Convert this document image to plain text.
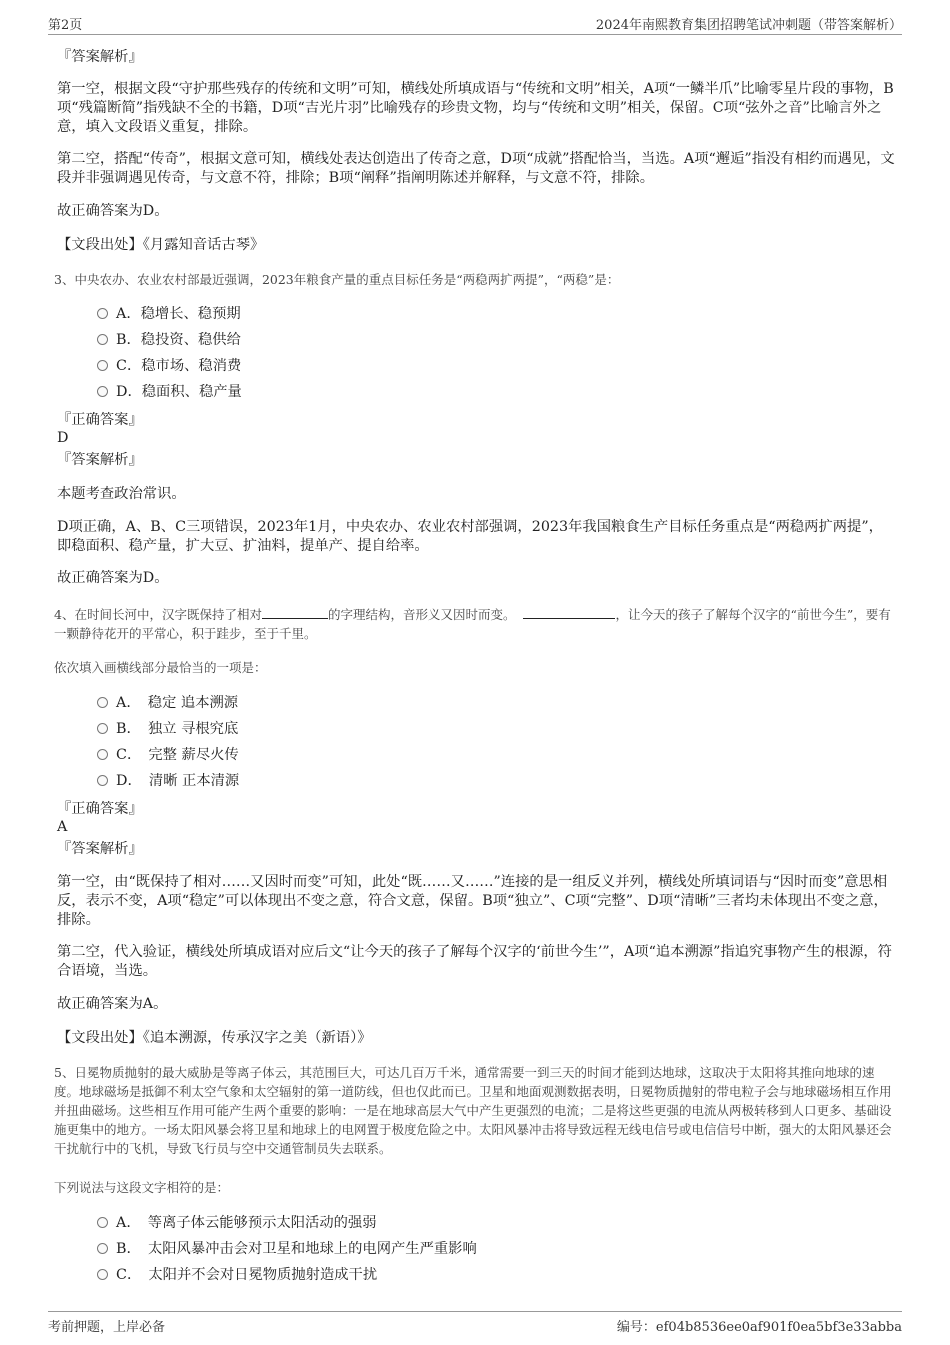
第2页	2024年南熙教育集团招聘笔试冲刺题（带答案解析）
『答案解析』
第一空，根据文段“守护那些残存的传统和文明”可知，横线处所填成语与“传统和文明”相关，A项“一鳞半爪”比喻零星片段的事物，B项“残篇断简”指残缺不全的书籍，D项“吉光片羽”比喻残存的珍贵文物，均与“传统和文明”相关，保留。C项“弦外之音”比喻言外之意，填入文段语义重复，排除。
第二空，搭配“传奇”，根据文意可知，横线处表达创造出了传奇之意，D项“成就”搭配恰当，当选。A项“邂逅”指没有相约而遇见，文段并非强调遇见传奇，与文意不符，排除；B项“阐释”指阐明陈述并解释，与文意不符，排除。
故正确答案为D。
【文段出处】《月露知音话古琴》
3、中央农办、农业农村部最近强调，2023年粮食产量的重点目标任务是“两稳两扩两提”，“两稳”是：
A．稳增长、稳预期
B．稳投资、稳供给
C．稳市场、稳消费
D．稳面积、稳产量
『正确答案』
D
『答案解析』
本题考查政治常识。
D项正确，A、B、C三项错误，2023年1月，中央农办、农业农村部强调，2023年我国粮食生产目标任务重点是“两稳两扩两提”，即稳面积、稳产量，扩大豆、扩油料，提单产、提自给率。
故正确答案为D。
4、在时间长河中，汉字既保持了相对	的字理结构，音形义又因时而变。	，让今天的孩子了解每个汉字的“前世今生”，要有一颗静待花开的平常心，积于跬步，至于千里。
依次填入画横线部分最恰当的一项是：
A．　稳定 追本溯源
B．　独立 寻根究底
C．　完整 薪尽火传
D．　清晰 正本清源
『正确答案』
A
『答案解析』
第一空，由“既保持了相对……又因时而变”可知，此处“既……又……”连接的是一组反义并列，横线处所填词语与“因时而变”意思相反，表示不变，A项“稳定”可以体现出不变之意，符合文意，保留。B项“独立”、C项“完整”、D项“清晰”三者均未体现出不变之意，排除。
第二空，代入验证，横线处所填成语对应后文“让今天的孩子了解每个汉字的‘前世今生’”，A项“追本溯源”指追究事物产生的根源，符合语境，当选。
故正确答案为A。
【文段出处】《追本溯源，传承汉字之美（新语）》
5、日冕物质抛射的最大威胁是等离子体云，其范围巨大，可达几百万千米，通常需要一到三天的时间才能到达地球，这取决于太阳将其推向地球的速度。地球磁场是抵御不利太空气象和太空辐射的第一道防线，但也仅此而已。卫星和地面观测数据表明，日冕物质抛射的带电粒子会与地球磁场相互作用并扭曲磁场。这些相互作用可能产生两个重要的影响：一是在地球高层大气中产生更强烈的电流；二是将这些更强的电流从两极转移到人口更多、基础设施更集中的地方。一场太阳风暴会将卫星和地球上的电网置于极度危险之中。太阳风暴冲击将导致远程无线电信号或电信信号中断，强大的太阳风暴还会干扰航行中的飞机，导致飞行员与空中交通管制员失去联系。
下列说法与这段文字相符的是：
A．　等离子体云能够预示太阳活动的强弱
B．　太阳风暴冲击会对卫星和地球上的电网产生严重影响
C．　太阳并不会对日冕物质抛射造成干扰
考前押题，上岸必备	编号：ef04b8536ee0af901f0ea5bf3e33abba
